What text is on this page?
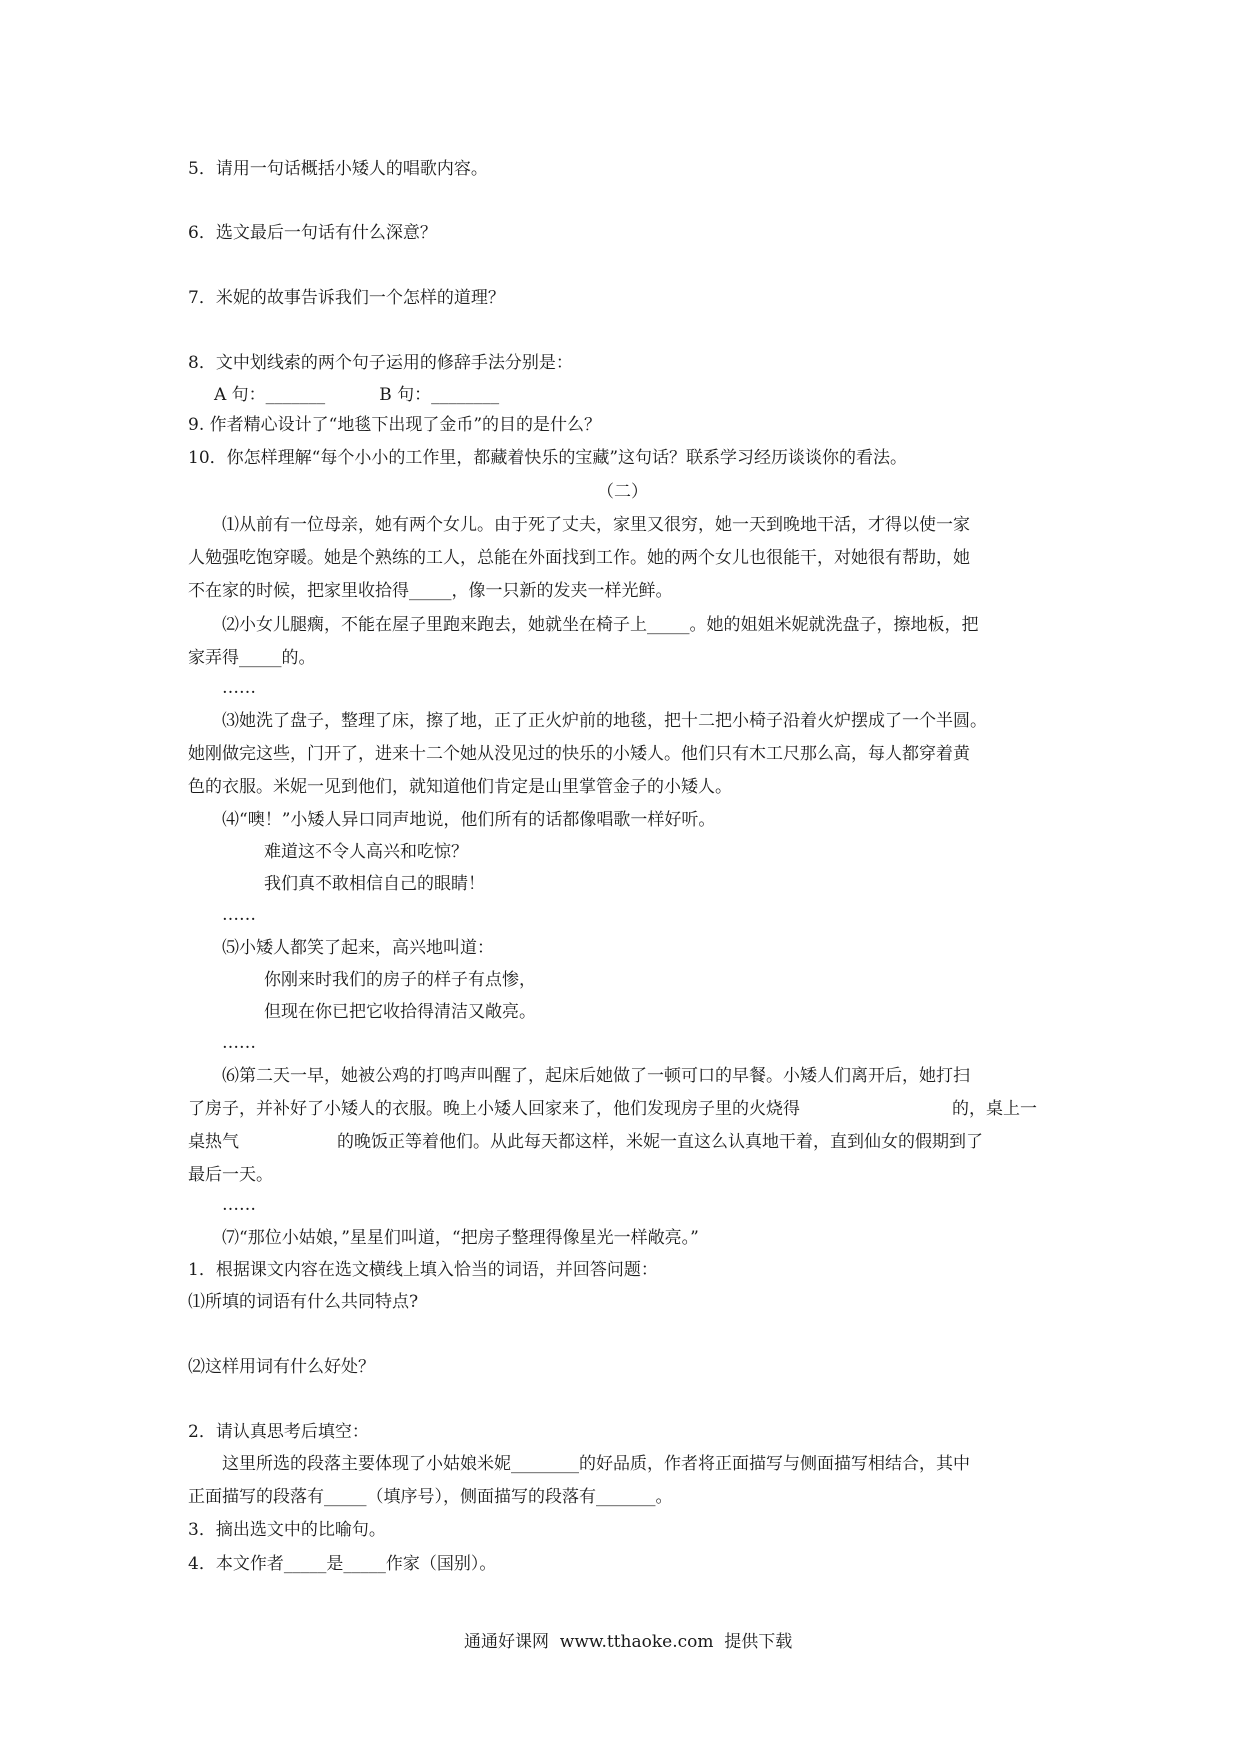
5．请用一句话概括小矮人的唱歌内容。
6．选文最后一句话有什么深意？
7．米妮的故事告诉我们一个怎样的道理？
8．文中划线索的两个句子运用的修辞手法分别是：
A 句：_______          B 句：________
9. 作者精心设计了“地毯下出现了金币”的目的是什么？
10．你怎样理解“每个小小的工作里，都藏着快乐的宝藏”这句话？联系学习经历谈谈你的看法。
（二）
⑴从前有一位母亲，她有两个女儿。由于死了丈夫，家里又很穷，她一天到晚地干活，才得以使一家
人勉强吃饱穿暖。她是个熟练的工人，总能在外面找到工作。她的两个女儿也很能干，对她很有帮助，她
不在家的时候，把家里收拾得_____，像一只新的发夹一样光鲜。
⑵小女儿腿瘸，不能在屋子里跑来跑去，她就坐在椅子上_____。她的姐姐米妮就洗盘子，擦地板，把
家弄得_____的。
……
⑶她洗了盘子，整理了床，擦了地，正了正火炉前的地毯，把十二把小椅子沿着火炉摆成了一个半圆。
她刚做完这些，门开了，进来十二个她从没见过的快乐的小矮人。他们只有木工尺那么高，每人都穿着黄
色的衣服。米妮一见到他们，就知道他们肯定是山里掌管金子的小矮人。
⑷“噢！”小矮人异口同声地说，他们所有的话都像唱歌一样好听。
难道这不令人高兴和吃惊？
我们真不敢相信自己的眼睛！
……
⑸小矮人都笑了起来，高兴地叫道：
你刚来时我们的房子的样子有点惨，
但现在你已把它收拾得清洁又敞亮。
……
⑹第二天一早，她被公鸡的打鸣声叫醒了，起床后她做了一顿可口的早餐。小矮人们离开后，她打扫
了房子，并补好了小矮人的衣服。晚上小矮人回家来了，他们发现房子里的火烧得	的，桌上一
桌热气	的晚饭正等着他们。从此每天都这样，米妮一直这么认真地干着，直到仙女的假期到了
最后一天。
……
⑺“那位小姑娘，”星星们叫道，“把房子整理得像星光一样敞亮。”
1．根据课文内容在选文横线上填入恰当的词语，并回答问题：
⑴所填的词语有什么共同特点?
⑵这样用词有什么好处？
2．请认真思考后填空：
这里所选的段落主要体现了小姑娘米妮________的好品质，作者将正面描写与侧面描写相结合，其中
正面描写的段落有_____（填序号），侧面描写的段落有_______。
3．摘出选文中的比喻句。
4．本文作者_____是_____作家（国别）。
通通好课网  www.tthaoke.com  提供下载
